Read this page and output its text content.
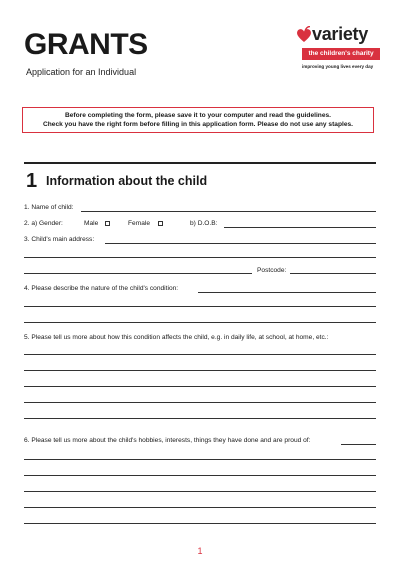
GRANTS
Application for an Individual
variety
the children's charity
improving young lives every day
Before completing the form, please save it to your computer and read the guidelines.
Check you have the right form before filling in this application form. Please do not use any staples.
1 Information about the child
1. Name of child:
2. a) Gender:	Male	Female	b) D.O.B:
3. Child's main address:
Postcode:
4. Please describe the nature of the child's condition:
5. Please tell us more about how this condition affects the child, e.g. in daily life, at school, at home, etc.:
6. Please tell us more about the child's hobbies, interests, things they have done and are proud of:
1
